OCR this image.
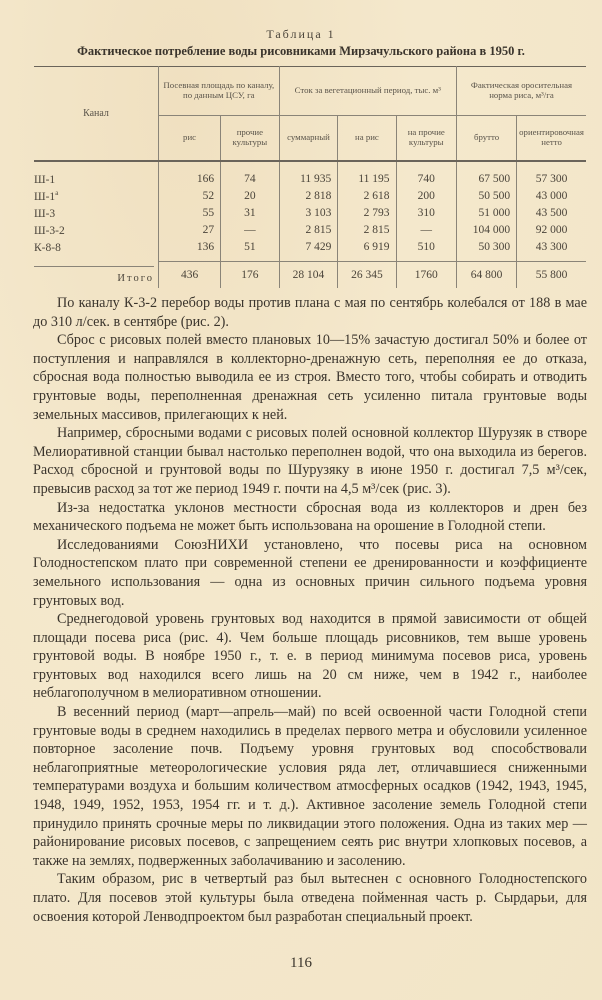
Таблица 1
Фактическое потребление воды рисовниками Мирзачульского района в 1950 г.
Канал	Посевная площадь по каналу, по данным ЦСУ, га		Сток за вегетационный период, тыс. м³			Фактическая оросительная норма риса, м³/га	
	рис	прочие культуры	суммарный	на рис	на прочие культуры	брутто	ориентировочная нетто
Ш-1	166	74	11 935	11 195	740	67 500	57 300
$Ш-1^а$	52	20	2 818	2 618	200	50 500	43 000
Ш-3	55	31	3 103	2 793	310	51 000	43 500
Ш-3-2	27	—	2 815	2 815	—	104 000	92 000
К-8-8	136	51	7 429	6 919	510	50 300	43 300
Итого	436	176	28 104	26 345	1760	64 800	55 800

По каналу К-3-2 перебор воды против плана с мая по сентябрь колебался от 188 в мае до 310 л/сек. в сентябре (рис. 2).

Сброс с рисовых полей вместо плановых 10—15% зачастую достигал 50% и более от поступления и направлялся в коллекторно-дренажную сеть, переполняя ее до отказа, сбросная вода полностью выводила ее из строя. Вместо того, чтобы собирать и отводить грунтовые воды, переполненная дренажная сеть усиленно питала грунтовые воды земельных массивов, прилегающих к ней.

Например, сбросными водами с рисовых полей основной коллектор Шурузяк в створе Мелиоративной станции бывал настолько переполнен водой, что она выходила из берегов. Расход сбросной и грунтовой воды по Шурузяку в июне 1950 г. достигал 7,5 м³/сек, превысив расход за тот же период 1949 г. почти на 4,5 м³/сек (рис. 3).

Из-за недостатка уклонов местности сбросная вода из коллекторов и дрен без механического подъема не может быть использована на орошение в Голодной степи.

Исследованиями СоюзНИХИ установлено, что посевы риса на основном Голодностепском плато при современной степени ее дренированности и коэффициенте земельного использования — одна из основных причин сильного подъема уровня грунтовых вод.

Среднегодовой уровень грунтовых вод находится в прямой зависимости от общей площади посева риса (рис. 4). Чем больше площадь рисовников, тем выше уровень грунтовой воды. В ноябре 1950 г., т. е. в период минимума посевов риса, уровень грунтовых вод находился всего лишь на 20 см ниже, чем в 1942 г., наиболее неблагополучном в мелиоративном отношении.

В весенний период (март—апрель—май) по всей освоенной части Голодной степи грунтовые воды в среднем находились в пределах первого метра и обусловили усиленное повторное засоление почв. Подъему уровня грунтовых вод способствовали неблагоприятные метеорологические условия ряда лет, отличавшиеся сниженными температурами воздуха и большим количеством атмосферных осадков (1942, 1943, 1945, 1948, 1949, 1952, 1953, 1954 гг. и т. д.). Активное засоление земель Голодной степи принудило принять срочные меры по ликвидации этого положения. Одна из таких мер — районирование рисовых посевов, с запрещением сеять рис внутри хлопковых посевов, а также на землях, подверженных заболачиванию и засолению.

Таким образом, рис в четвертый раз был вытеснен с основного Голодностепского плато. Для посевов этой культуры была отведена пойменная часть р. Сырдарьи, для освоения которой Ленводпроектом был разработан специальный проект.

116
